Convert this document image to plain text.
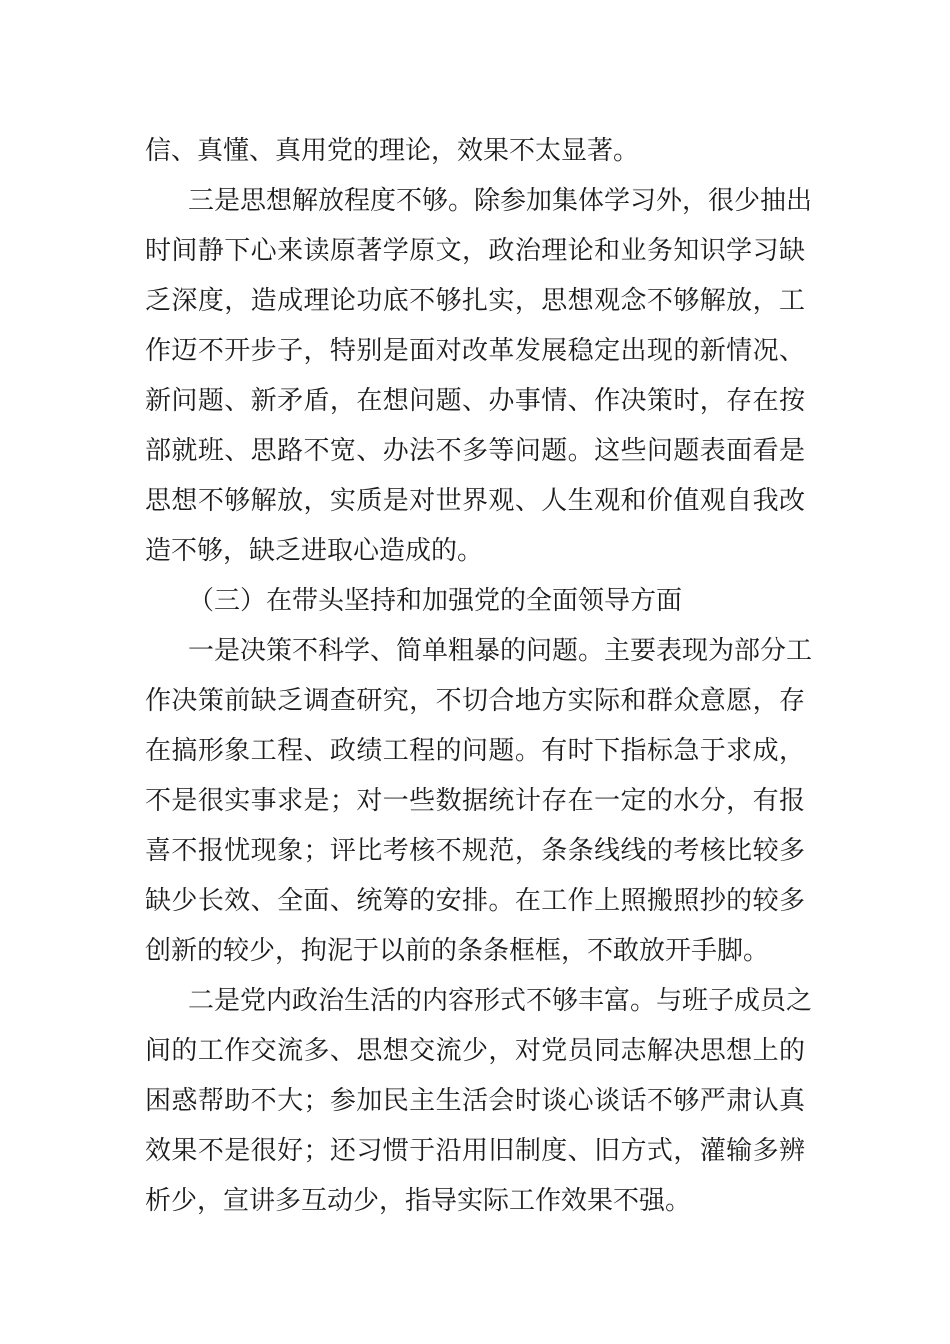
信、真懂、真用党的理论，效果不太显著。
三是思想解放程度不够。除参加集体学习外，很少抽出
时间静下心来读原著学原文，政治理论和业务知识学习缺
乏深度，造成理论功底不够扎实，思想观念不够解放，工
作迈不开步子，特别是面对改革发展稳定出现的新情况、
新问题、新矛盾，在想问题、办事情、作决策时，存在按
部就班、思路不宽、办法不多等问题。这些问题表面看是
思想不够解放，实质是对世界观、人生观和价值观自我改
造不够，缺乏进取心造成的。
（三）在带头坚持和加强党的全面领导方面
一是决策不科学、简单粗暴的问题。主要表现为部分工
作决策前缺乏调查研究，不切合地方实际和群众意愿，存
在搞形象工程、政绩工程的问题。有时下指标急于求成，
不是很实事求是；对一些数据统计存在一定的水分，有报
喜不报忧现象；评比考核不规范，条条线线的考核比较多
缺少长效、全面、统筹的安排。在工作上照搬照抄的较多
创新的较少，拘泥于以前的条条框框，不敢放开手脚。
二是党内政治生活的内容形式不够丰富。与班子成员之
间的工作交流多、思想交流少，对党员同志解决思想上的
困惑帮助不大；参加民主生活会时谈心谈话不够严肃认真
效果不是很好；还习惯于沿用旧制度、旧方式，灌输多辨
析少，宣讲多互动少，指导实际工作效果不强。
